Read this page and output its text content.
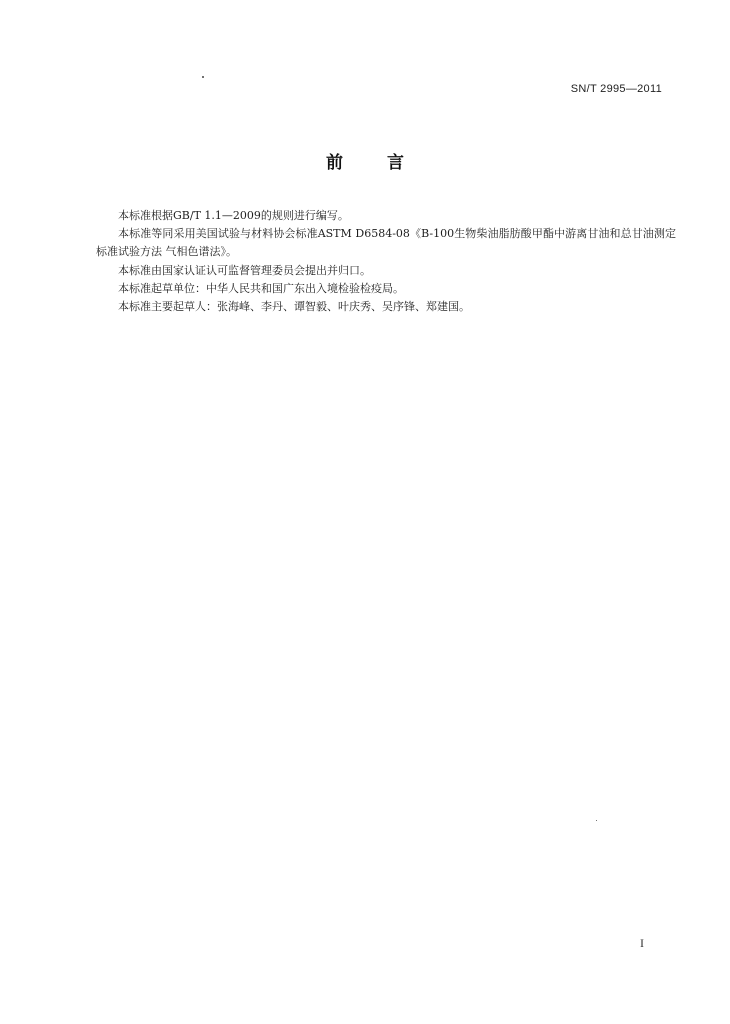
SN/T 2995—2011
前	言

本标准根据GB/T 1.1—2009的规则进行编写。

本标准等同采用美国试验与材料协会标准ASTM D6584-08《B-100生物柴油脂肪酸甲酯中游离甘油和总甘油测定标准试验方法 气相色谱法》。

本标准由国家认证认可监督管理委员会提出并归口。

本标准起草单位：中华人民共和国广东出入境检验检疫局。

本标准主要起草人：张海峰、李丹、谭智毅、叶庆秀、吴序锋、郑建国。

I
